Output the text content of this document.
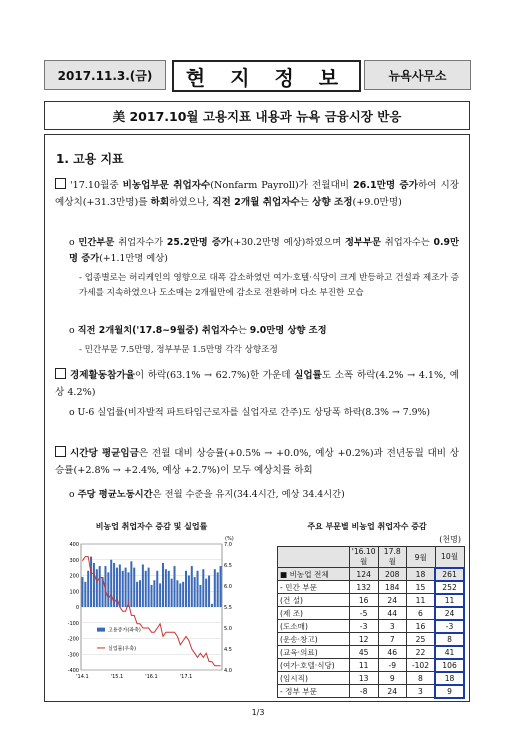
2017.11.3.(금)	현 지 정 보	뉴욕사무소
美 2017.10월 고용지표 내용과 뉴욕 금융시장 반응
1. 고용 지표
'17.10월중 비농업부문 취업자수(Nonfarm Payroll)가 전월대비 26.1만명 증가하여 시장 예상치(+31.3만명)를 하회하였으나, 직전 2개월 취업자수는 상향 조정(+9.0만명)
o 민간부문 취업자수가 25.2만명 증가(+30.2만명 예상)하였으며 정부부문 취업자수는 0.9만명 증가(+1.1만명 예상)
- 업종별로는 허리케인의 영향으로 대폭 감소하였던 여가·호텔·식당이 크게 반등하고 건설과 제조가 증가세를 지속하였으나 도소매는 2개월만에 감소로 전환하며 다소 부진한 모습
o 직전 2개월치('17.8~9월중) 취업자수는 9.0만명 상향 조정
- 민간부문 7.5만명, 정부부문 1.5만명 각각 상향조정
경제활동참가율이 하락(63.1% → 62.7%)한 가운데 실업률도 소폭 하락(4.2% → 4.1%, 예상 4.2%)
o U-6 실업률(비자발적 파트타임근로자를 실업자로 간주)도 상당폭 하락(8.3% → 7.9%)
시간당 평균임금은 전월 대비 상승률(+0.5% → +0.0%, 예상 +0.2%)과 전년동월 대비 상승률(+2.8% → +2.4%, 예상 +2.7%)이 모두 예상치를 하회
o 주당 평균노동시간은 전월 수준을 유지(34.4시간, 예상 34.4시간)
비농업 취업자수 증감 및 실업률
400
300
200
100
0
-100
-200
-300
-400
7.0
6.5
6.0
5.5
5.0
4.5
4.0
(%)
'14.1	'15.1	'16.1	'17.1
고용증가(좌축)
실업률(우축)
주요 부문별 비농업 취업자수 증감
(천명)
	'16.10월	17.8월	9월	10월
■ 비농업 전체	124	208	18	261
- 민간 부문	132	184	15	252
(건 설)	16	24	11	11
(제 조)	-5	44	6	24
(도소매)	-3	3	16	-3
(운송·창고)	12	7	25	8
(교육·의료)	45	46	22	41
(여가·호텔·식당)	11	-9	-102	106
(임시직)	13	9	8	18
- 정부 부문	-8	24	3	9
1/3
